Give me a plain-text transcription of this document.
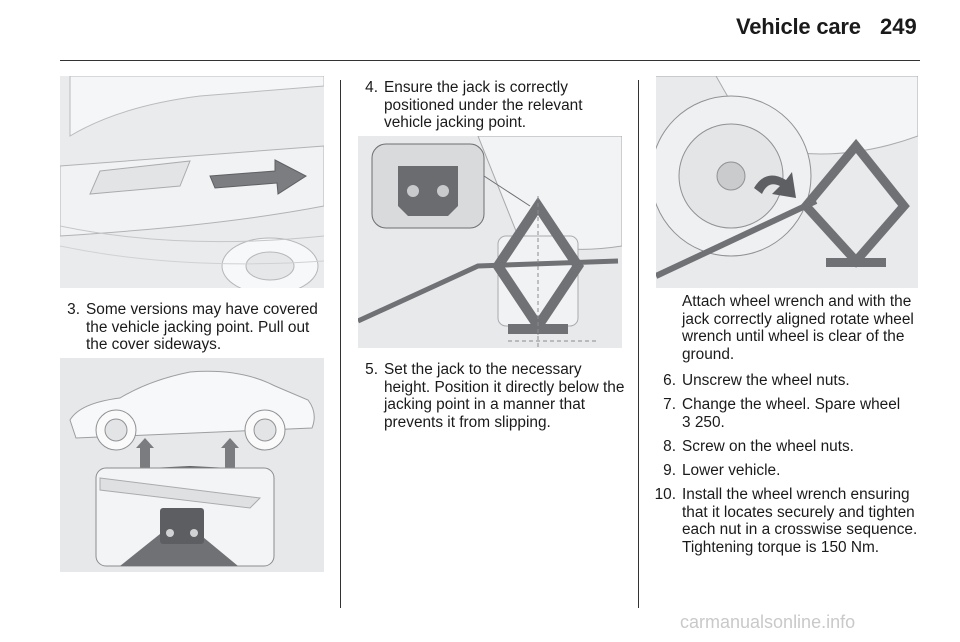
Vehicle care 249
3. Some versions may have covered the vehicle jacking point. Pull out the cover sideways.
4. Ensure the jack is correctly positioned under the relevant vehicle jacking point.
5. Set the jack to the necessary height. Position it directly below the jacking point in a manner that prevents it from slipping.
Attach wheel wrench and with the jack correctly aligned rotate wheel wrench until wheel is clear of the ground.
6. Unscrew the wheel nuts.
7. Change the wheel. Spare wheel
3 250.
8. Screw on the wheel nuts.
9. Lower vehicle.
10. Install the wheel wrench ensuring that it locates securely and tighten each nut in a crosswise sequence. Tightening torque is 150 Nm.
carmanualsonline.info
